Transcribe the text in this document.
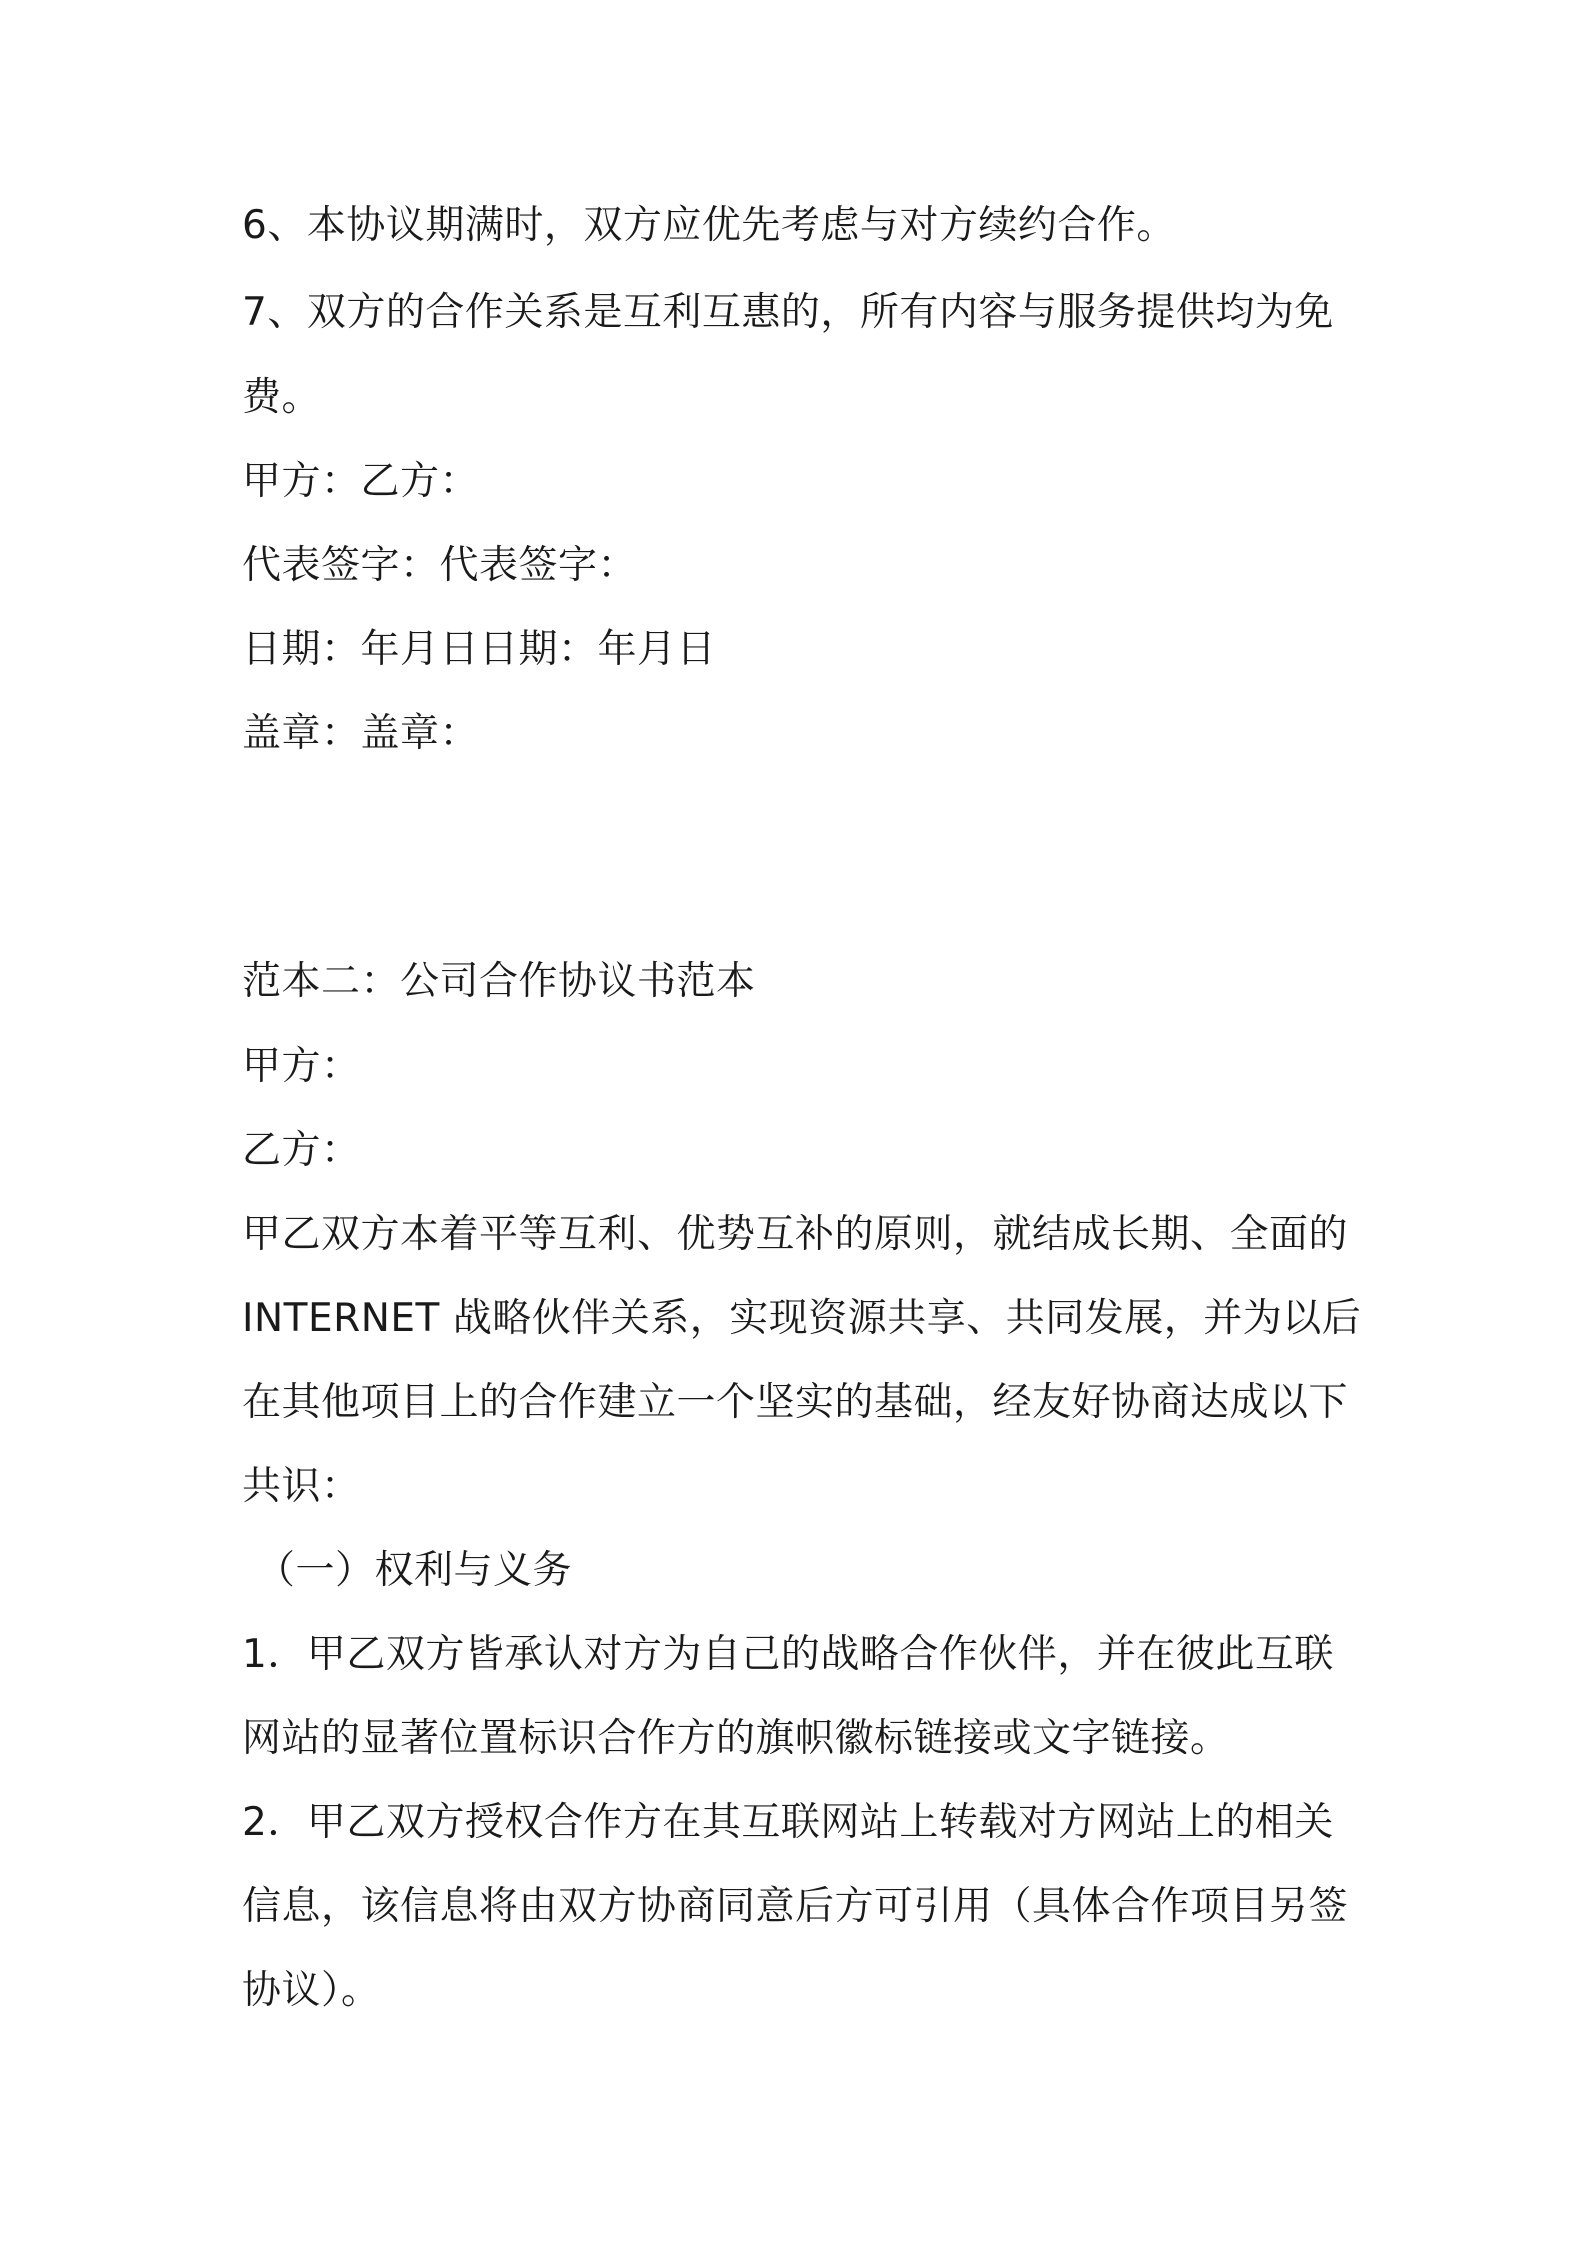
6、本协议期满时，双方应优先考虑与对方续约合作。
7、双方的合作关系是互利互惠的，所有内容与服务提供均为免
费。
甲方：乙方：
代表签字：代表签字：
日期：年月日日期：年月日
盖章：盖章：
范本二：公司合作协议书范本
甲方：
乙方：
甲乙双方本着平等互利、优势互补的原则，就结成长期、全面的
INTERNET 战略伙伴关系，实现资源共享、共同发展，并为以后
在其他项目上的合作建立一个坚实的基础，经友好协商达成以下
共识：
（一）权利与义务
1．甲乙双方皆承认对方为自己的战略合作伙伴，并在彼此互联
网站的显著位置标识合作方的旗帜徽标链接或文字链接。
2．甲乙双方授权合作方在其互联网站上转载对方网站上的相关
信息，该信息将由双方协商同意后方可引用（具体合作项目另签
协议）。
